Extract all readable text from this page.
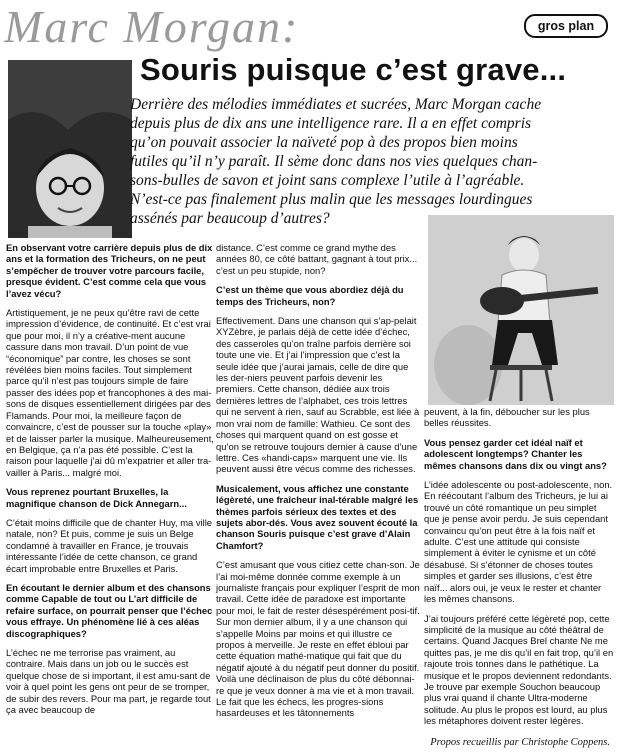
Marc Morgan:	gros plan
Souris puisque c’est grave...
Derrière des mélodies immédiates et sucrées, Marc Morgan cache
depuis plus de dix ans une intelligence rare. Il a en effet compris
qu’on pouvait associer la naïveté pop à des propos bien moins
futiles qu’il n’y paraît. Il sème donc dans nos vies quelques chan-
sons-bulles de savon et joint sans complexe l’utile à l’agréable.
N’est-ce pas finalement plus malin que les messages lourdingues
assénés par beaucoup d’autres?

En observant votre carrière depuis plus de dix ans et la formation des Tricheurs, on ne peut s’empêcher de trouver votre parcours facile, presque évident. C’est comme cela que vous l’avez vécu?

Artistiquement, je ne peux qu’être ravi de cette impression d’évidence, de continuité. Et c’est vrai que pour moi, il n’y a créative-ment aucune cassure dans mon travail. D’un point de vue “économique” par contre, les choses se sont révélées bien moins faciles. Tout simplement parce qu’il n’est pas toujours simple de faire passer des idées pop et francophones à des mai-sons de disques essentiellement dirigées par des Flamands. Pour moi, la meilleure façon de convaincre, c’est de pousser sur la touche «play» et de laisser parler la musique. Malheureusement, en Belgique, ça n’a pas été possible. C’est la raison pour laquelle j’ai dû m’expatrier et aller tra-vailler à Paris... malgré moi.

Vous reprenez pourtant Bruxelles, la magnifique chanson de Dick Annegarn...

C’était moins difficile que de chanter Huy, ma ville natale, non? Et puis, comme je suis un Belge condamné à travailler en France, je trouvais intéressante l’idée de cette chanson, ce grand écart improbable entre Bruxelles et Paris.

En écoutant le dernier album et des chansons comme Capable de tout ou L’art difficile de refaire surface, on pourrait penser que l’échec vous effraye. Un phénomène lié à ces aléas discographiques?

L’échec ne me terrorise pas vraiment, au contraire. Mais dans un job ou le succès est quelque chose de si important, il est amu-sant de voir à quel point les gens ont peur de se tromper, de subir des revers. Pour ma part, je regarde tout ça avec beaucoup de

distance. C’est comme ce grand mythe des années 80, ce côté battant, gagnant à tout prix... c’est un peu stupide, non?

C’est un thème que vous abordiez déjà du temps des Tricheurs, non?

Effectivement. Dans une chanson qui s’ap-pelait XYZèbre, je parlais déjà de cette idée d’échec, des casseroles qu’on traîne parfois derrière soi toute une vie. Et j’ai l’impression que c’est la seule idée que j’aurai jamais, celle de dire que les der-niers peuvent parfois devenir les premiers. Cette chanson, dédiée aux trois dernières lettres de l’alphabet, ces trois lettres qui ne servent à rien, sauf au Scrabble, est liée à mon vrai nom de famille: Wathieu. Ce sont des choses qui marquent quand on est gosse et qu’on se retrouve toujours dernier à cause d’une lettre. Ces «handi-caps» marquent une vie. Ils peuvent aussi être vécus comme des richesses.

Musicalement, vous affichez une constante légèreté, une fraîcheur inal-térable malgré les thèmes parfois sérieux des textes et des sujets abor-dés. Vous avez souvent écouté la chanson Souris puisque c’est grave d’Alain Chamfort?

C’est amusant que vous citiez cette chan-son. Je l’ai moi-même donnée comme exemple à un journaliste français pour expliquer l’esprit de mon travail. Cette idée de paradoxe est importante pour moi, le fait de rester désespérément posi-tif. Sur mon dernier album, il y a une chanson qui s’appelle Moins par moins et qui illustre ce propos à merveille. Je reste en effet ébloui par cette équation mathé-matique qui fait que du négatif ajouté à du négatif peut donner du positif. Voilà une déclinaison de plus du côté débonnai-re que je veux donner à ma vie et à mon travail. Le fait que les échecs, les progres-sions hasardeuses et les tâtonnements

peuvent, à la fin, déboucher sur les plus belles réussites.

Vous pensez garder cet idéal naïf et adolescent longtemps? Chanter les mêmes chansons dans dix ou vingt ans?

L’idée adolescente ou post-adolescente, non. En réécoutant l’album des Tricheurs, je lui ai trouvé un côté romantique un peu simplet que je pense avoir perdu. Je suis cependant convaincu qu’on peut être à la fois naïf et adulte. C’est une attitude qui consiste simplement à éviter le cynisme et un côté désabusé. Si s’étonner de choses toutes simples et garder ses illusions, c’est être naïf... alors oui, je veux le rester et chanter les mêmes chansons.

J’ai toujours préféré cette légèreté pop, cette simplicité de la musique au côté théâtral de certains. Quand Jacques Brel chante Ne me quittes pas, je me dis qu’il en fait trop, qu’il en rajoute trois tonnes dans le pathétique. La musique et le propos deviennent redondants. Je trouve par exemple Souchon beaucoup plus vrai quand il chante Ultra-moderne solitude. Au plus le propos est lourd, au plus les métaphores doivent rester légères.

Propos recueillis par Christophe Coppens.
